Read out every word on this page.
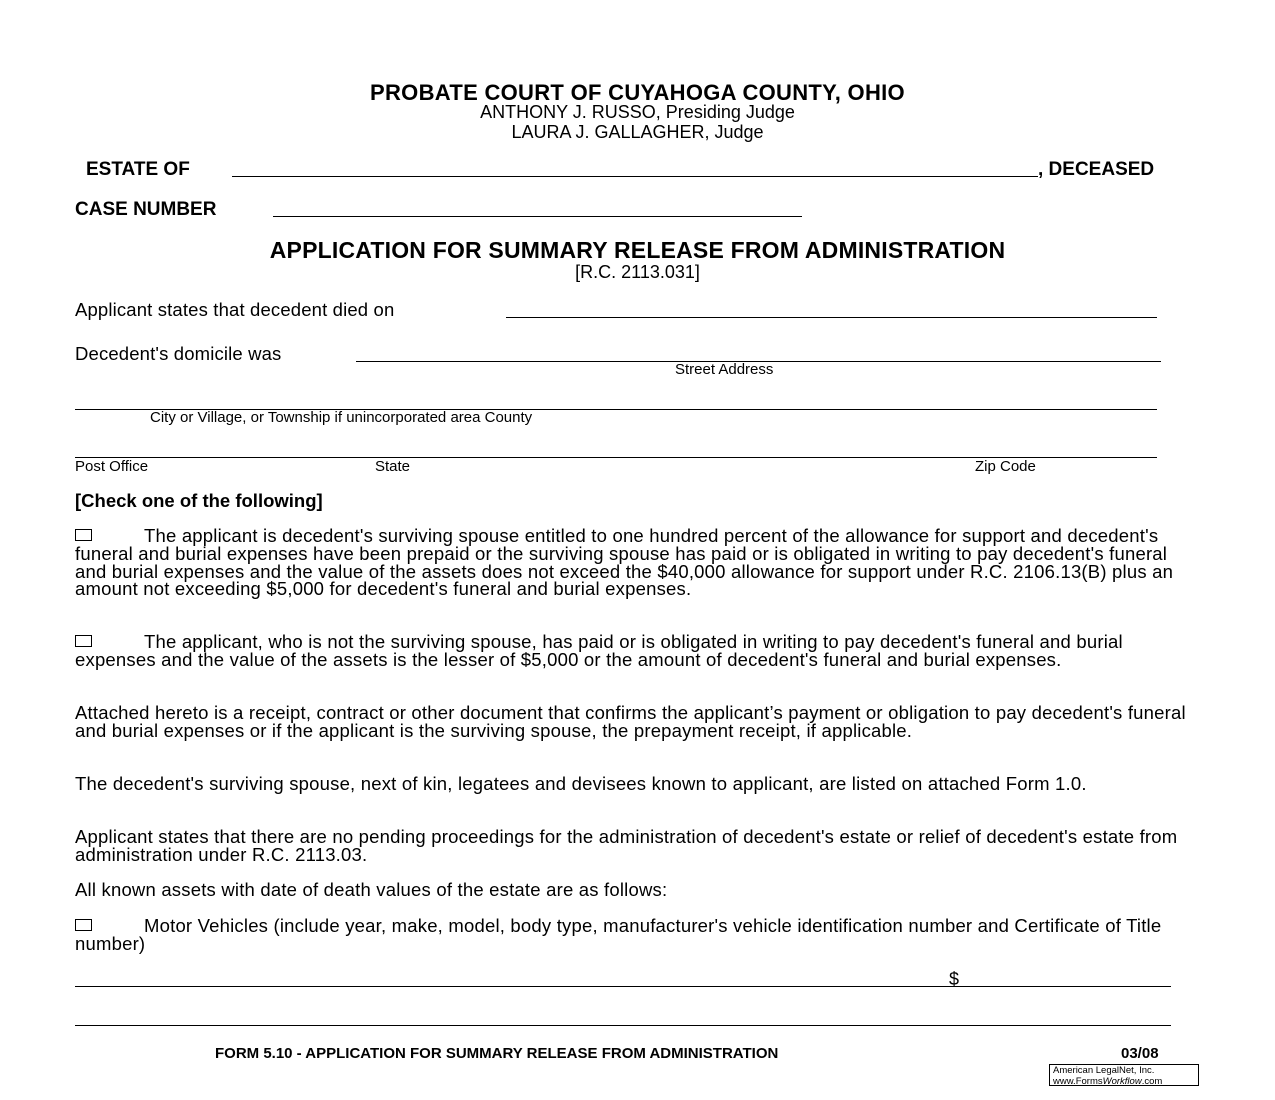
PROBATE COURT OF CUYAHOGA COUNTY, OHIO
ANTHONY J. RUSSO, Presiding Judge
LAURA J. GALLAGHER, Judge
ESTATE OF	, DECEASED
CASE NUMBER
APPLICATION FOR SUMMARY RELEASE FROM ADMINISTRATION
[R.C. 2113.031]
Applicant states that decedent died on
Decedent's domicile was
Street Address
City or Village, or Township if unincorporated area County
Post Office	State	Zip Code
[Check one of the following]
The applicant is decedent's surviving spouse entitled to one hundred percent of the allowance for support and decedent's funeral and burial expenses have been prepaid or the surviving spouse has paid or is obligated in writing to pay decedent's funeral and burial expenses and the value of the assets does not exceed the $40,000 allowance for support under R.C. 2106.13(B) plus an amount not exceeding $5,000 for decedent's funeral and burial expenses.
The applicant, who is not the surviving spouse, has paid or is obligated in writing to pay decedent's funeral and burial expenses and the value of the assets is the lesser of $5,000 or the amount of decedent's funeral and burial expenses.
Attached hereto is a receipt, contract or other document that confirms the applicant’s payment or obligation to pay decedent's funeral and burial expenses or if the applicant is the surviving spouse, the prepayment receipt, if applicable.
The decedent's surviving spouse, next of kin, legatees and devisees known to applicant, are listed on attached Form 1.0.
Applicant states that there are no pending proceedings for the administration of decedent's estate or relief of decedent's estate from administration under R.C. 2113.03.
All known assets with date of death values of the estate are as follows:
Motor Vehicles (include year, make, model, body type, manufacturer's vehicle identification number and Certificate of Title number)
$
FORM 5.10 - APPLICATION FOR SUMMARY RELEASE FROM ADMINISTRATION	03/08
American LegalNet, Inc.
www.FormsWorkflow.com
